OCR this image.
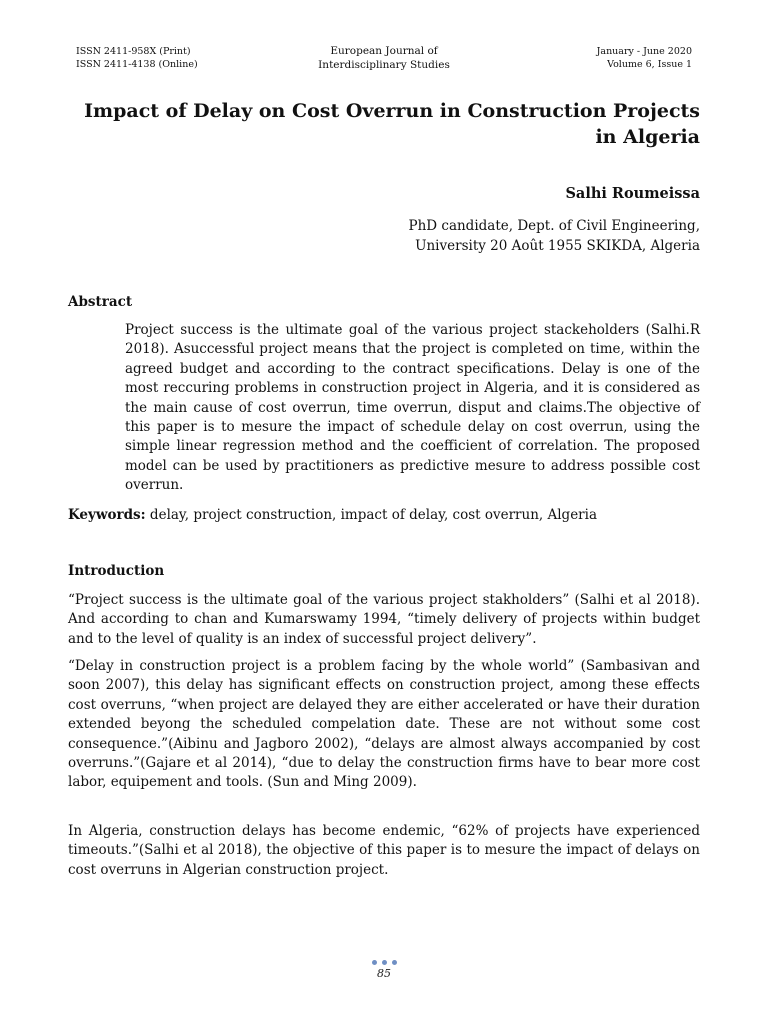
ISSN 2411-958X (Print)
ISSN 2411-4138 (Online)
European Journal of
Interdisciplinary Studies
January - June 2020
Volume 6, Issue 1
Impact of Delay on Cost Overrun in Construction Projects in Algeria
Salhi Roumeissa
PhD candidate, Dept. of Civil Engineering,
University 20 Août 1955 SKIKDA, Algeria
Abstract
Project success is the ultimate goal of the various project stackeholders (Salhi.R 2018). Asuccessful project means that the project is completed on time, within the agreed budget and according to the contract specifications. Delay is one of the most reccuring problems in construction project in Algeria, and it is considered as the main cause of cost overrun, time overrun, disput and claims.The objective of this paper is to mesure the impact of schedule delay on cost overrun, using the simple linear regression method and the coefficient of correlation. The proposed model can be used by practitioners as predictive mesure to address possible cost overrun.
Keywords: delay, project construction, impact of delay, cost overrun, Algeria
Introduction
“Project success is the ultimate goal of the various project stakholders” (Salhi et al 2018). And according to chan and Kumarswamy 1994, “timely delivery of projects within budget and to the level of quality is an index of successful project delivery”.
“Delay in construction project is a problem facing by the whole world” (Sambasivan and soon 2007), this delay has significant effects on construction project, among these effects cost overruns, “when project are delayed they are either accelerated or have their duration extended beyong the scheduled compelation date. These are not without some cost consequence.”(Aibinu and Jagboro 2002), “delays are almost always accompanied by cost overruns.”(Gajare et al 2014), “due to delay the construction firms have to bear more cost labor, equipement and tools. (Sun and Ming 2009).
In Algeria, construction delays has become endemic, “62% of projects have experienced timeouts.”(Salhi et al 2018), the objective of this paper is to mesure the impact of delays on cost overruns in Algerian construction project.
85
